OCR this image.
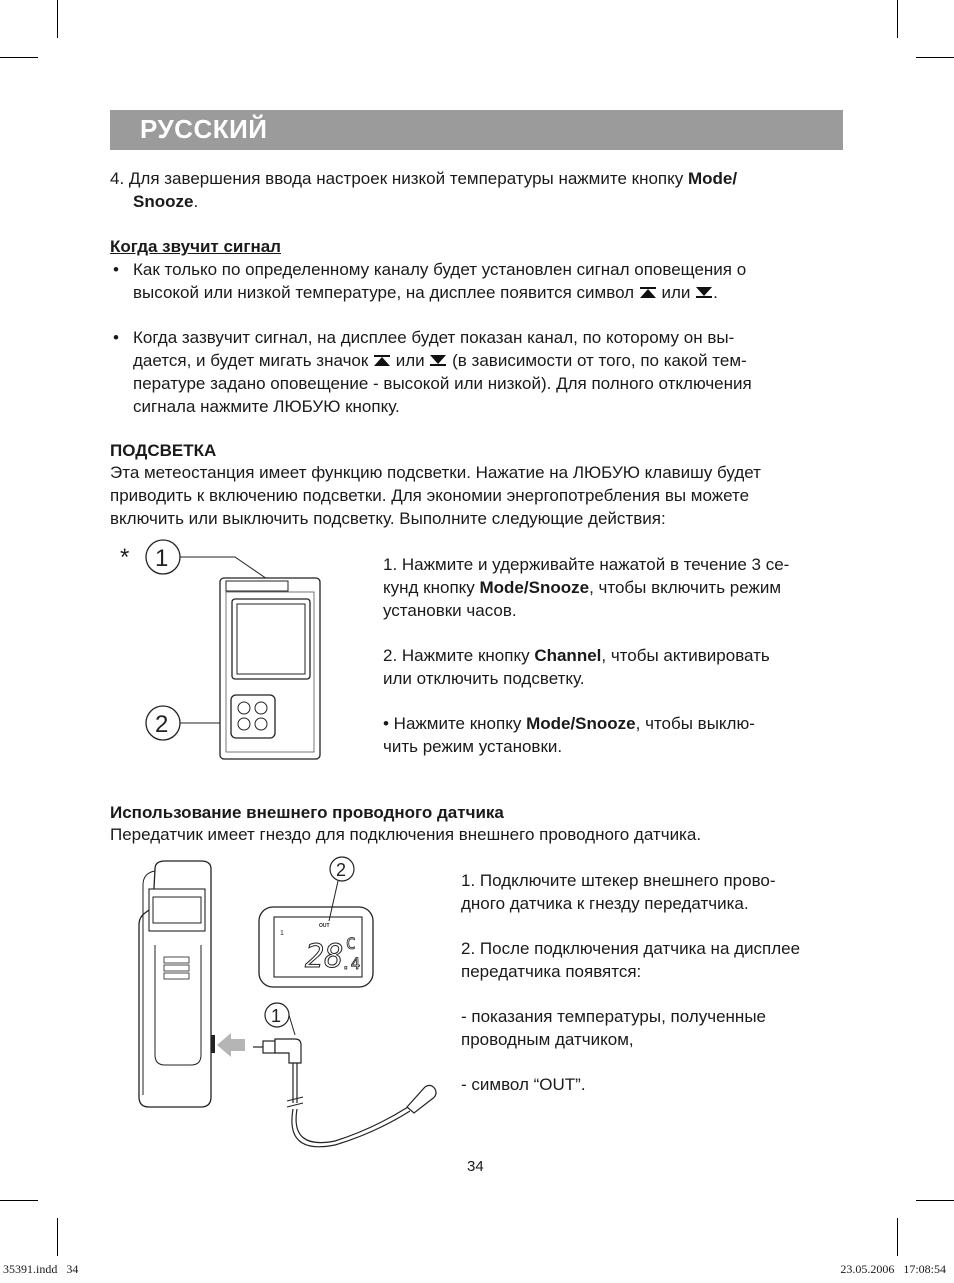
РУССКИЙ
4. Для завершения ввода настроек низкой температуры нажмите кнопку Mode/
Snooze.
Когда звучит сигнал
• Как только по определенному каналу будет установлен сигнал оповещения о
высокой или низкой температуре, на дисплее появится символ  или .
• Когда зазвучит сигнал, на дисплее будет показан канал, по которому он вы-
дается, и будет мигать значок  или  (в зависимости от того, по какой тем-
пературе задано оповещение - высокой или низкой). Для полного отключения
сигнала нажмите ЛЮБУЮ кнопку.
ПОДСВЕТКА
Эта метеостанция имеет функцию подсветки. Нажатие на ЛЮБУЮ клавишу будет
приводить к включению подсветки. Для экономии энергопотребления вы можете
включить или выключить подсветку. Выполните следующие действия:
* 1
2
1. Нажмите и удерживайте нажатой в течение 3 се-
кунд кнопку Mode/Snooze, чтобы включить режим
установки часов.
2. Нажмите кнопку Channel, чтобы активировать
или отключить подсветку.
• Нажмите кнопку Mode/Snooze, чтобы выклю-
чить режим установки.
Использование внешнего проводного датчика
Передатчик имеет гнездо для подключения внешнего проводного датчика.
1
1
OUT
28 C
.4
2
1. Подключите штекер внешнего прово-
дного датчика к гнезду передатчика.
2. После подключения датчика на дисплее
передатчика появятся:
- показания температуры, полученные
проводным датчиком,
- символ “OUT”.
34
35391.indd   34	23.05.2006   17:08:54
